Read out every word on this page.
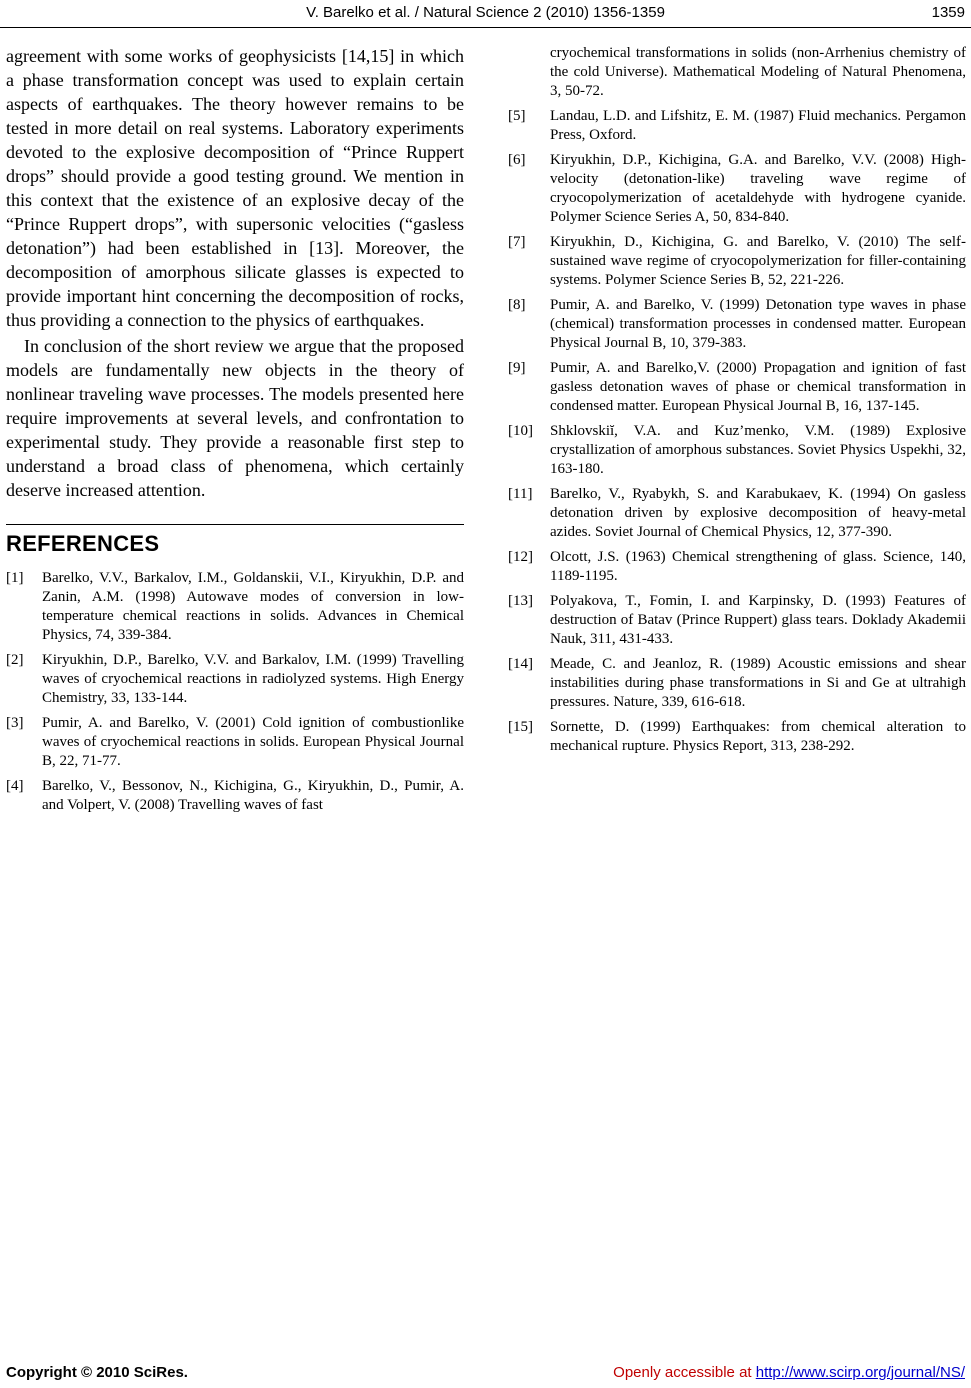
V. Barelko et al. / Natural Science 2 (2010) 1356-1359	1359

agreement with some works of geophysicists [14,15] in which a phase transformation concept was used to explain certain aspects of earthquakes. The theory however remains to be tested in more detail on real systems. Laboratory experiments devoted to the explosive decomposition of “Prince Ruppert drops” should provide a good testing ground. We mention in this context that the existence of an explosive decay of the “Prince Ruppert drops”, with supersonic velocities (“gasless detonation”) had been established in [13]. Moreover, the decomposition of amorphous silicate glasses is expected to provide important hint concerning the decomposition of rocks, thus providing a connection to the physics of earthquakes.

In conclusion of the short review we argue that the proposed models are fundamentally new objects in the theory of nonlinear traveling wave processes. The models presented here require improvements at several levels, and confrontation to experimental study. They provide a reasonable first step to understand a broad class of phenomena, which certainly deserve increased attention.

REFERENCES
[1]	Barelko, V.V., Barkalov, I.M., Goldanskii, V.I., Kiryukhin, D.P. and Zanin, A.M. (1998) Autowave modes of conversion in low-temperature chemical reactions in solids. Advances in Chemical Physics, 74, 339-384.
[2]	Kiryukhin, D.P., Barelko, V.V. and Barkalov, I.M. (1999) Travelling waves of cryochemical reactions in radiolyzed systems. High Energy Chemistry, 33, 133-144.
[3]	Pumir, A. and Barelko, V. (2001) Cold ignition of combustionlike waves of cryochemical reactions in solids. European Physical Journal B, 22, 71-77.
[4]	Barelko, V., Bessonov, N., Kichigina, G., Kiryukhin, D., Pumir, A. and Volpert, V. (2008) Travelling waves of fast
cryochemical transformations in solids (non-Arrhenius chemistry of the cold Universe). Mathematical Modeling of Natural Phenomena, 3, 50-72.
[5]	Landau, L.D. and Lifshitz, E. M. (1987) Fluid mechanics. Pergamon Press, Oxford.
[6]	Kiryukhin, D.P., Kichigina, G.A. and Barelko, V.V. (2008) High-velocity (detonation-like) traveling wave regime of cryocopolymerization of acetaldehyde with hydrogene cyanide. Polymer Science Series A, 50, 834-840.
[7]	Kiryukhin, D., Kichigina, G. and Barelko, V. (2010) The self-sustained wave regime of cryocopolymerization for filler-containing systems. Polymer Science Series B, 52, 221-226.
[8]	Pumir, A. and Barelko, V. (1999) Detonation type waves in phase (chemical) transformation processes in condensed matter. European Physical Journal B, 10, 379-383.
[9]	Pumir, A. and Barelko,V. (2000) Propagation and ignition of fast gasless detonation waves of phase or chemical transformation in condensed matter. European Physical Journal B, 16, 137-145.
[10]	Shklovskiĭ, V.A. and Kuz’menko, V.M. (1989) Explosive crystallization of amorphous substances. Soviet Physics Uspekhi, 32, 163-180.
[11]	Barelko, V., Ryabykh, S. and Karabukaev, K. (1994) On gasless detonation driven by explosive decomposition of heavy-metal azides. Soviet Journal of Chemical Physics, 12, 377-390.
[12]	Olcott, J.S. (1963) Chemical strengthening of glass. Science, 140, 1189-1195.
[13]	Polyakova, T., Fomin, I. and Karpinsky, D. (1993) Features of destruction of Batav (Prince Ruppert) glass tears. Doklady Akademii Nauk, 311, 431-433.
[14]	Meade, C. and Jeanloz, R. (1989) Acoustic emissions and shear instabilities during phase transformations in Si and Ge at ultrahigh pressures. Nature, 339, 616-618.
[15]	Sornette, D. (1999) Earthquakes: from chemical alteration to mechanical rupture. Physics Report, 313, 238-292.
Copyright © 2010 SciRes.	Openly accessible at http://www.scirp.org/journal/NS/
